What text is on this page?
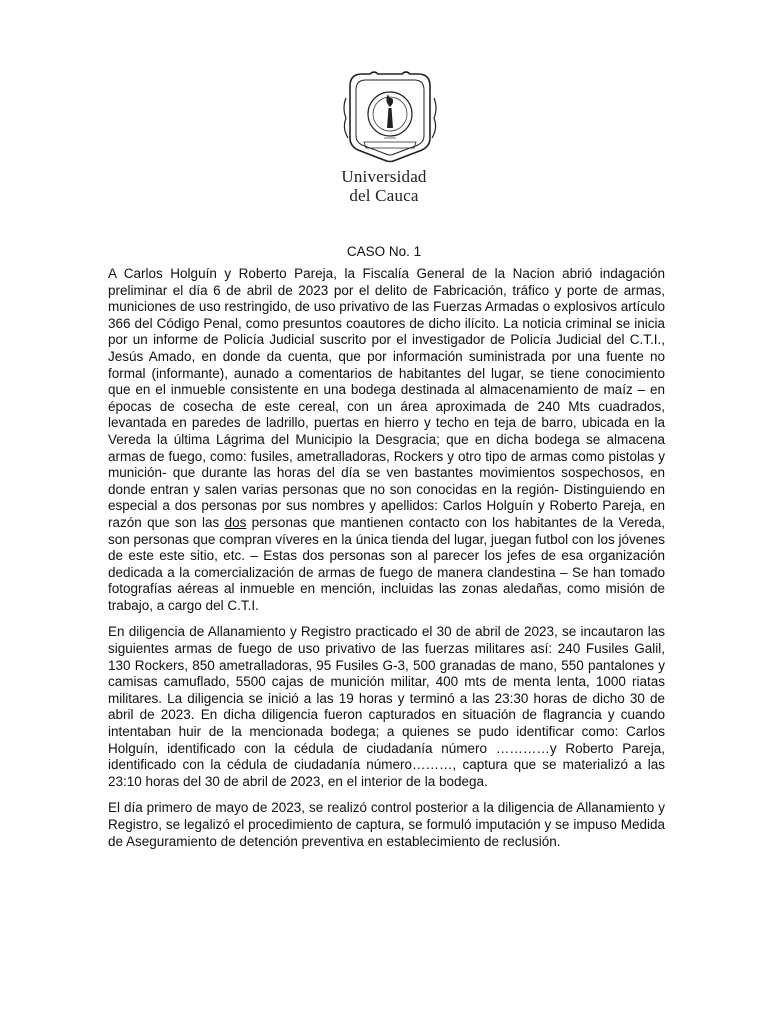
Universidad
del Cauca
CASO No. 1

A Carlos Holguín y Roberto Pareja, la Fiscalía General de la Nacion abrió indagación preliminar el día 6 de abril de 2023 por el delito de Fabricación, tráfico y porte de armas, municiones de uso restringido, de uso privativo de las Fuerzas Armadas o explosivos artículo 366 del Código Penal, como presuntos coautores de dicho ilícito. La noticia criminal se inicia por un informe de Policía Judicial suscrito por el investigador de Policía Judicial del C.T.I., Jesús Amado, en donde da cuenta, que por información suministrada por una fuente no formal (informante), aunado a comentarios de habitantes del lugar, se tiene conocimiento que en el inmueble consistente en una bodega destinada al almacenamiento de maíz – en épocas de cosecha de este cereal, con un área aproximada de 240 Mts cuadrados, levantada en paredes de ladrillo, puertas en hierro y techo en teja de barro, ubicada en la Vereda la última Lágrima del Municipio la Desgracia; que en dicha bodega se almacena armas de fuego, como: fusiles, ametralladoras, Rockers y otro tipo de armas como pistolas y munición- que durante las horas del día se ven bastantes movimientos sospechosos, en donde entran y salen varias personas que no son conocidas en la región- Distinguiendo en especial a dos personas por sus nombres y apellidos: Carlos Holguín y Roberto Pareja, en razón que son las dos personas que mantienen contacto con los habitantes de la Vereda, son personas que compran víveres en la única tienda del lugar, juegan futbol con los jóvenes de este este sitio, etc. – Estas dos personas son al parecer los jefes de esa organización dedicada a la comercialización de armas de fuego de manera clandestina – Se han tomado fotografías aéreas al inmueble en mención, incluidas las zonas aledañas, como misión de trabajo, a cargo del C.T.I.

En diligencia de Allanamiento y Registro practicado el 30 de abril de 2023, se incautaron las siguientes armas de fuego de uso privativo de las fuerzas militares así: 240 Fusiles Galil, 130 Rockers, 850 ametralladoras, 95 Fusiles G-3, 500 granadas de mano, 550 pantalones y camisas camuflado, 5500 cajas de munición militar, 400 mts de menta lenta, 1000 riatas militares. La diligencia se inició a las 19 horas y terminó a las 23:30 horas de dicho 30 de abril de 2023. En dicha diligencia fueron capturados en situación de flagrancia y cuando intentaban huir de la mencionada bodega; a quienes se pudo identificar como: Carlos Holguín, identificado con la cédula de ciudadanía número …………y Roberto Pareja, identificado con la cédula de ciudadanía número………, captura que se materializó a las 23:10 horas del 30 de abril de 2023, en el interior de la bodega.

El día primero de mayo de 2023, se realizó control posterior a la diligencia de Allanamiento y Registro, se legalizó el procedimiento de captura, se formuló imputación y se impuso Medida de Aseguramiento de detención preventiva en establecimiento de reclusión.
